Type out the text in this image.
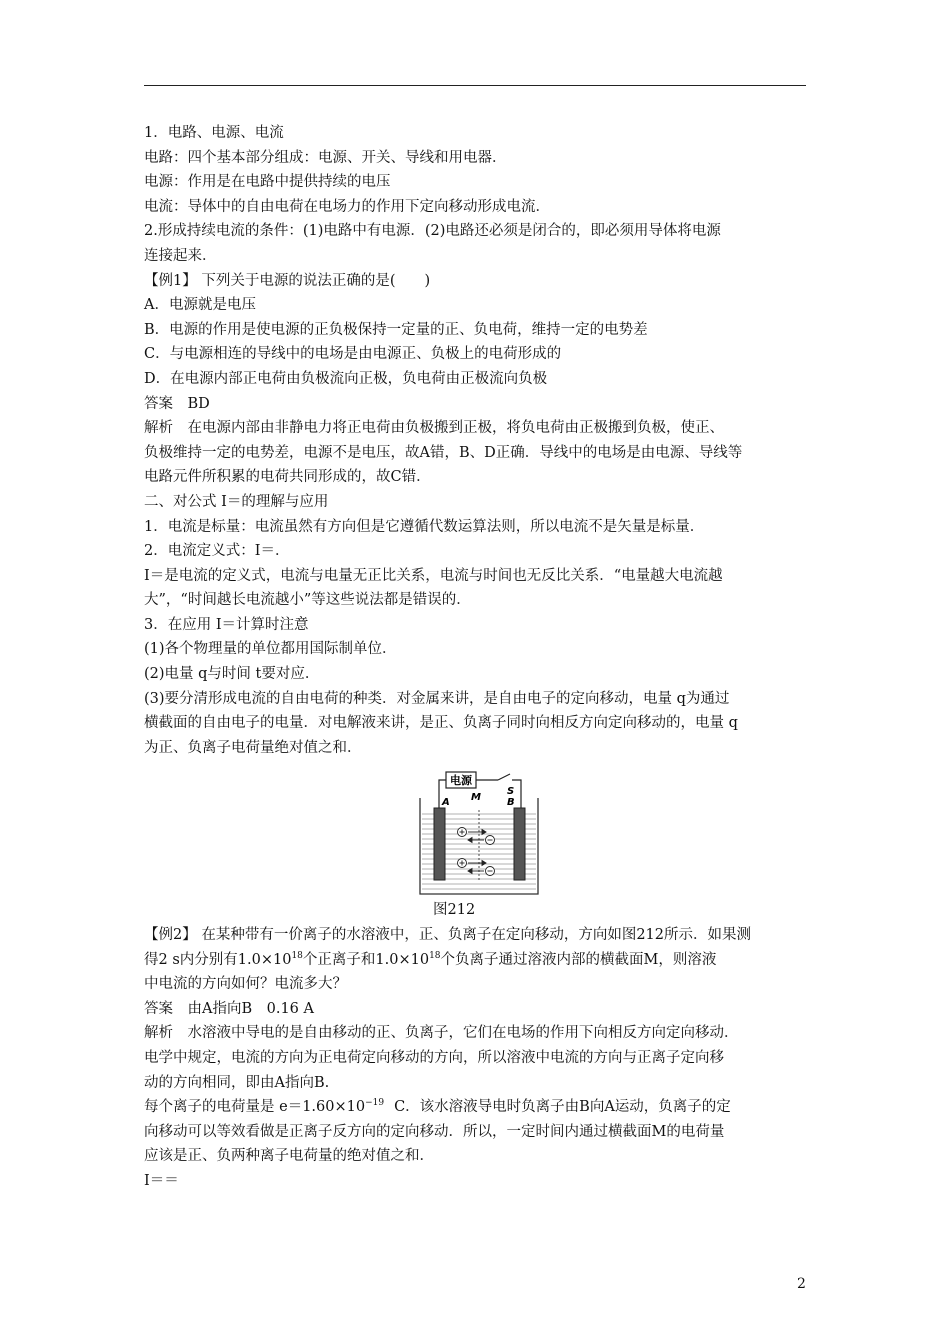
1．电路、电源、电流

电路：四个基本部分组成：电源、开关、导线和用电器．

电源：作用是在电路中提供持续的电压

电流：导体中的自由电荷在电场力的作用下定向移动形成电流．

2.形成持续电流的条件：(1)电路中有电源．(2)电路还必须是闭合的，即必须用导体将电源

连接起来．

【例1】 下列关于电源的说法正确的是(　　)

A．电源就是电压

B．电源的作用是使电源的正负极保持一定量的正、负电荷，维持一定的电势差

C．与电源相连的导线中的电场是由电源正、负极上的电荷形成的

D．在电源内部正电荷由负极流向正极，负电荷由正极流向负极

答案　BD

解析　在电源内部由非静电力将正电荷由负极搬到正极，将负电荷由正极搬到负极，使正、

负极维持一定的电势差，电源不是电压，故A错，B、D正确．导线中的电场是由电源、导线等

电路元件所积累的电荷共同形成的，故C错．

二、对公式 I＝的理解与应用

1．电流是标量：电流虽然有方向但是它遵循代数运算法则，所以电流不是矢量是标量．

2．电流定义式：I＝．

I＝是电流的定义式，电流与电量无正比关系，电流与时间也无反比关系．“电量越大电流越

大”，“时间越长电流越小”等这些说法都是错误的．

3．在应用 I＝计算时注意

(1)各个物理量的单位都用国际制单位．

(2)电量 q与时间 t要对应．

(3)要分清形成电流的自由电荷的种类．对金属来讲，是自由电子的定向移动，电量 q为通过

横截面的自由电子的电量．对电解液来讲，是正、负离子同时向相反方向定向移动的，电量 q

为正、负离子电荷量绝对值之和．

电源
S
A M	B

图212

【例2】 在某种带有一价离子的水溶液中，正、负离子在定向移动，方向如图212所示．如果测

得2 s内分别有$1.0\times 10^{18}$个正离子和$1.0\times 10^{18}$个负离子通过溶液内部的横截面M，则溶液

中电流的方向如何？电流多大？

答案　由A指向B　0.16 A

解析　水溶液中导电的是自由移动的正、负离子，它们在电场的作用下向相反方向定向移动．

电学中规定，电流的方向为正电荷定向移动的方向，所以溶液中电流的方向与正离子定向移

动的方向相同，即由A指向B.

每个离子的电荷量是 $e=1.60\times 10^{-19}$ C．该水溶液导电时负离子由B向A运动，负离子的定

向移动可以等效看做是正离子反方向的定向移动．所以，一定时间内通过横截面M的电荷量

应该是正、负两种离子电荷量的绝对值之和．

I＝＝

2
